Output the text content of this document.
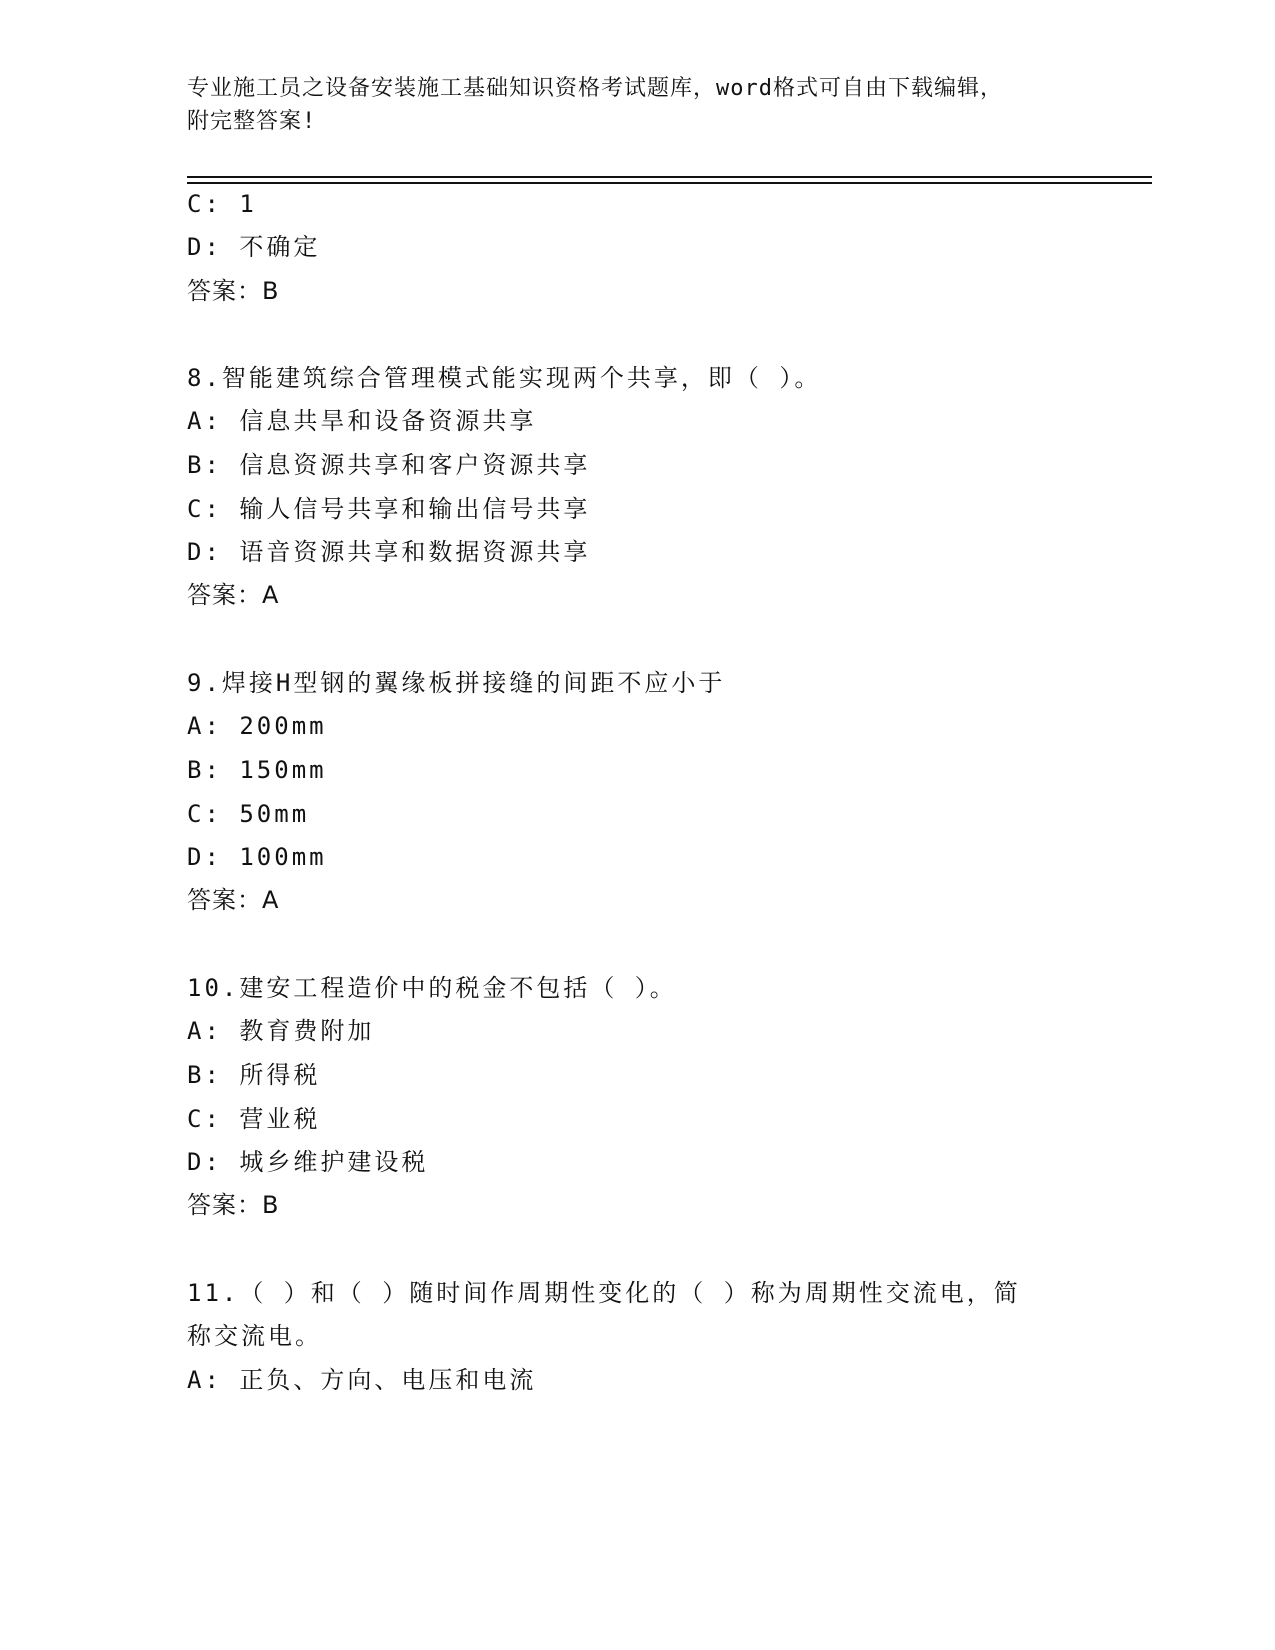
专业施工员之设备安装施工基础知识资格考试题库，word格式可自由下载编辑，
附完整答案!
C: 1
D: 不确定
答案：B
8.智能建筑综合管理模式能实现两个共享，即（ ）。
A: 信息共旱和设备资源共享
B: 信息资源共享和客户资源共享
C: 输人信号共享和输出信号共享
D: 语音资源共享和数据资源共享
答案：A
9.焊接H型钢的翼缘板拼接缝的间距不应小于
A: 200mm
B: 150mm
C: 50mm
D: 100mm
答案：A
10.建安工程造价中的税金不包括（ ）。
A: 教育费附加
B: 所得税
C: 营业税
D: 城乡维护建设税
答案：B
11.（ ）和（ ）随时间作周期性变化的（ ）称为周期性交流电，简
称交流电。
A: 正负、方向、电压和电流
